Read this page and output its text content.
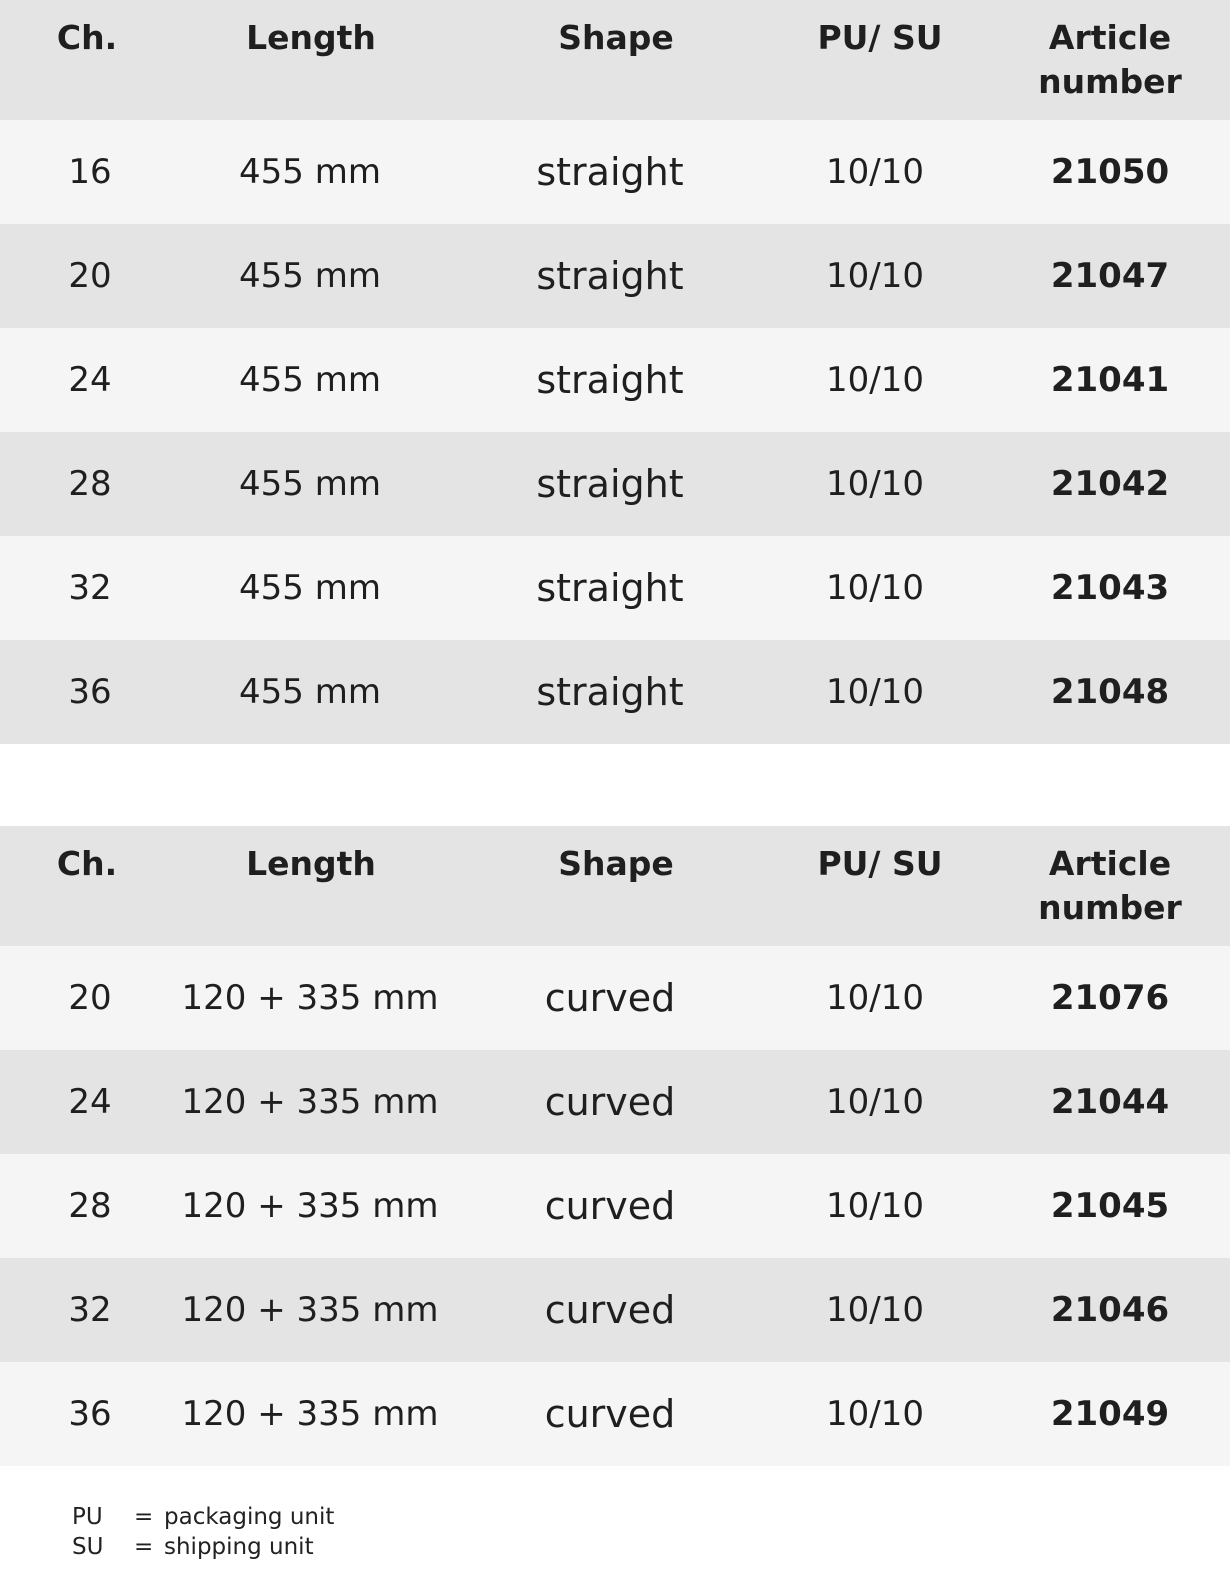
Ch.	Length	Shape	PU/ SU	Article
number
16	455 mm	straight	10/10	21050
20	455 mm	straight	10/10	21047
24	455 mm	straight	10/10	21041
28	455 mm	straight	10/10	21042
32	455 mm	straight	10/10	21043
36	455 mm	straight	10/10	21048
Ch.	Length	Shape	PU/ SU	Article
number
20	120 + 335 mm	curved	10/10	21076
24	120 + 335 mm	curved	10/10	21044
28	120 + 335 mm	curved	10/10	21045
32	120 + 335 mm	curved	10/10	21046
36	120 + 335 mm	curved	10/10	21049
PU = packaging unit
SU = shipping unit
